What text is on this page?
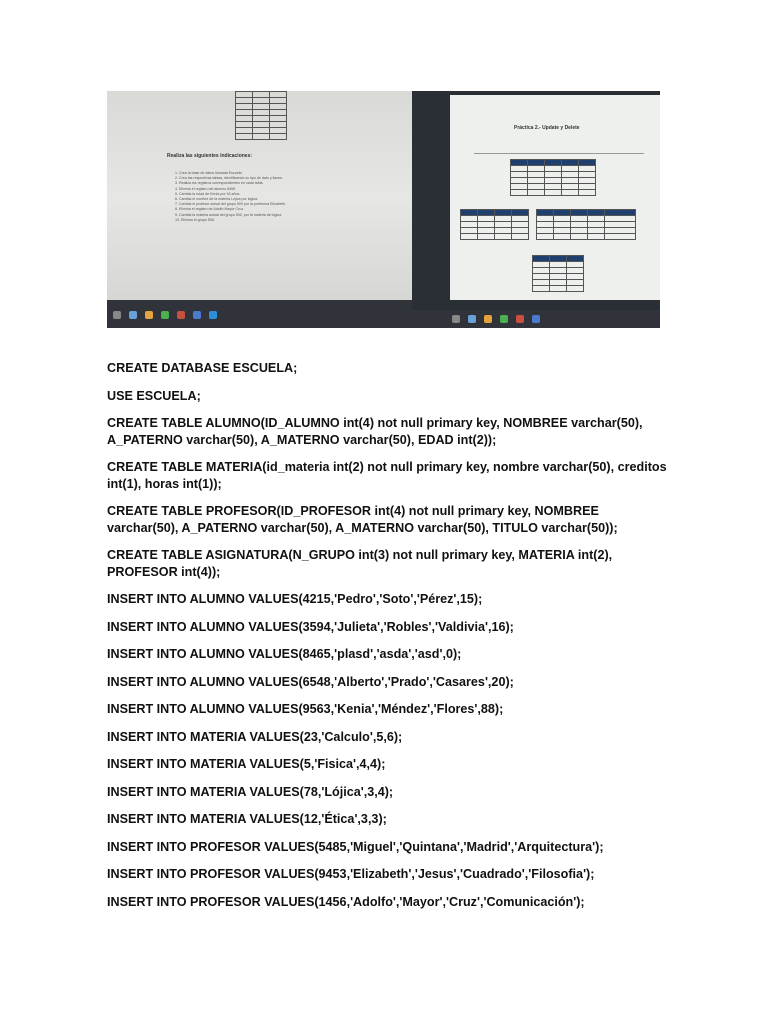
Realiza las siguientes indicaciones:
1. Crea la base de datos llamada Escuela.
2. Crea las respectivas tablas, identificando su tipo de dato y llaves.
3. Realiza los registros correspondientes en cada tabla.
4. Elimina el registro del alumno 8465.
5. Cambia la edad de Kenia por 16 años.
6. Cambia el nombre de la materia Lójica por lógica.
7. Cambia el profesor actual del grupo 509 por la profesora Elizabeth.
8. Elimina el registro de Adolfo Mayor Cruz.
9. Cambia la materia actual del grupo 502, por la materia de lógica.
10. Elimina el grupo 508.
Práctica 2.- Update y Delete

CREATE DATABASE ESCUELA;

USE ESCUELA;

CREATE TABLE ALUMNO(ID_ALUMNO int(4) not null primary key, NOMBREE varchar(50), A_PATERNO varchar(50), A_MATERNO varchar(50), EDAD int(2));

CREATE TABLE MATERIA(id_materia int(2) not null primary key, nombre varchar(50), creditos int(1), horas int(1));

CREATE TABLE PROFESOR(ID_PROFESOR int(4) not null primary key, NOMBREE varchar(50), A_PATERNO varchar(50), A_MATERNO varchar(50), TITULO varchar(50));

CREATE TABLE ASIGNATURA(N_GRUPO int(3) not null primary key, MATERIA int(2), PROFESOR int(4));

INSERT INTO ALUMNO VALUES(4215,'Pedro','Soto','Pérez',15);

INSERT INTO ALUMNO VALUES(3594,'Julieta','Robles','Valdivia',16);

INSERT INTO ALUMNO VALUES(8465,'plasd','asda','asd',0);

INSERT INTO ALUMNO VALUES(6548,'Alberto','Prado','Casares',20);

INSERT INTO ALUMNO VALUES(9563,'Kenia','Méndez','Flores',88);

INSERT INTO MATERIA VALUES(23,'Calculo',5,6);

INSERT INTO MATERIA VALUES(5,'Fisica',4,4);

INSERT INTO MATERIA VALUES(78,'Lójica',3,4);

INSERT INTO MATERIA VALUES(12,'Ética',3,3);

INSERT INTO PROFESOR VALUES(5485,'Miguel','Quintana','Madrid','Arquitectura');

INSERT INTO PROFESOR VALUES(9453,'Elizabeth','Jesus','Cuadrado','Filosofia');

INSERT INTO PROFESOR VALUES(1456,'Adolfo','Mayor','Cruz','Comunicación');
